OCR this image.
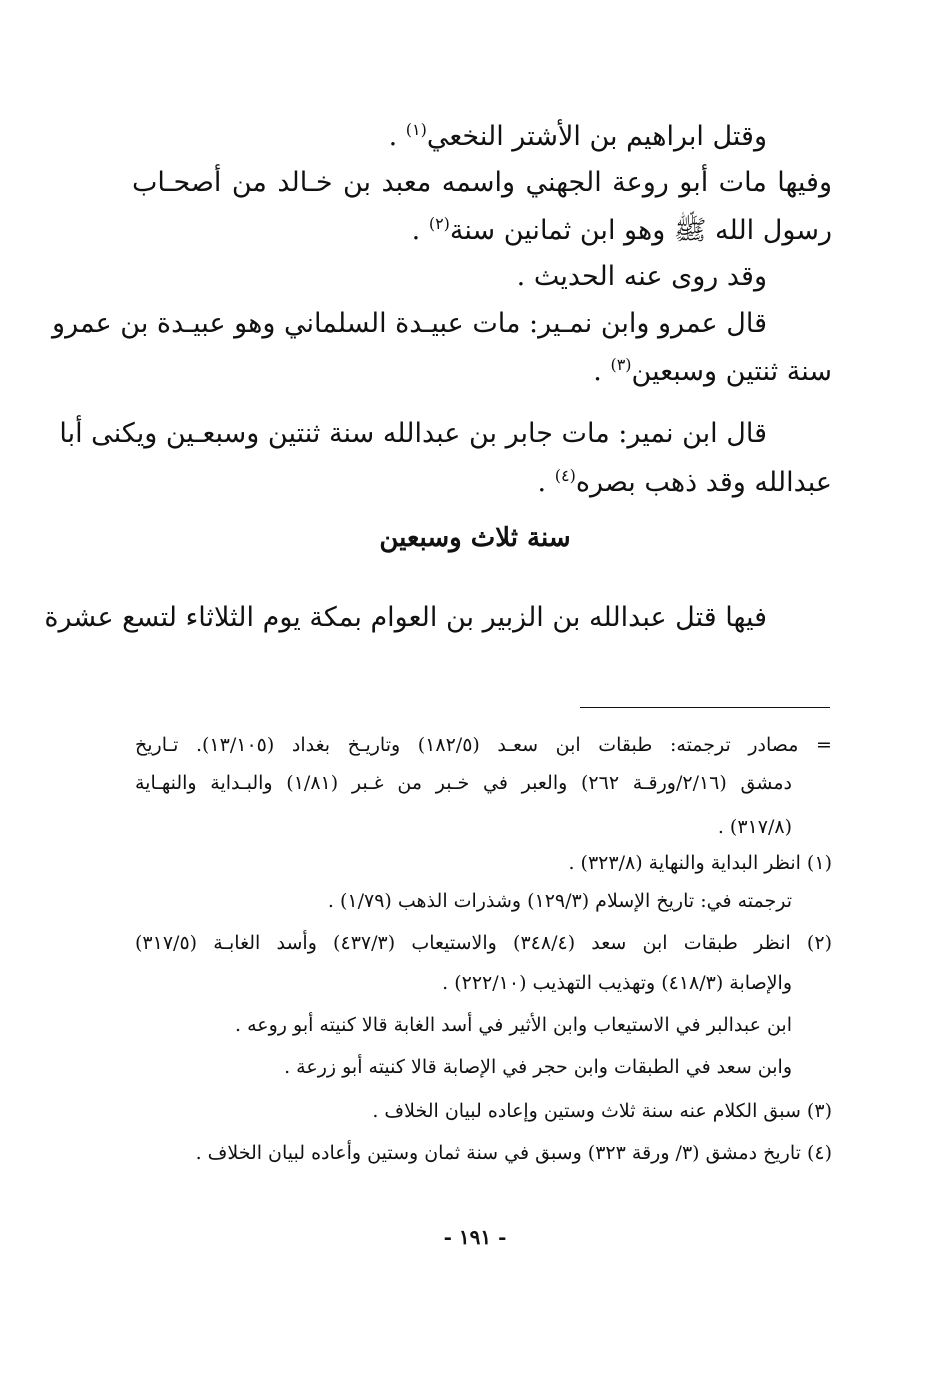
وقتل ابراهيم بن الأشتر النخعي$^{(١)}$ .
وفيها مات أبو روعة الجهني واسمه معبد بن خـالد من أصحـاب
رسول الله ﷺ وهو ابن ثمانين سنة$^{(٢)}$ .
وقد روى عنه الحديث .
قال عمرو وابن نمـير: مات عبيـدة السلماني وهو عبيـدة بن عمرو
سنة ثنتين وسبعين$^{(٣)}$ .
قال ابن نمير: مات جابر بن عبدالله سنة ثنتين وسبعـين ويكنى أبا
عبدالله وقد ذهب بصره$^{(٤)}$ .
فيها قتل عبدالله بن الزبير بن العوام بمكة يوم الثلاثاء لتسع عشرة
سنة ثلاث وسبعين
= مصادر ترجمته: طبقات ابن سعـد (١٨٢/٥) وتاريـخ بغداد (١٣/١٠٥). تـاريخ
دمشق (٢/١٦/ورقـة ٢٦٢) والعبر في خـبر من غـبر (١/٨١) والبـداية والنهـاية
(٣١٧/٨) .
(١) انظر البداية والنهاية (٣٢٣/٨) .
ترجمته في: تاريخ الإسلام (١٢٩/٣) وشذرات الذهب (١/٧٩) .
(٢) انظر طبقات ابن سعد (٣٤٨/٤) والاستيعاب (٤٣٧/٣) وأسد الغابـة (٣١٧/٥)
والإصابة (٤١٨/٣) وتهذيب التهذيب (٢٢٢/١٠) .
ابن عبدالبر في الاستيعاب وابن الأثير في أسد الغابة قالا كنيته أبو روعه .
وابن سعد في الطبقات وابن حجر في الإصابة قالا كنيته أبو زرعة .
(٣) سبق الكلام عنه سنة ثلاث وستين وإعاده لبيان الخلاف .
(٤) تاريخ دمشق (٣/ ورقة ٣٢٣) وسبق في سنة ثمان وستين وأعاده لبيان الخلاف .
- ١٩١ -
